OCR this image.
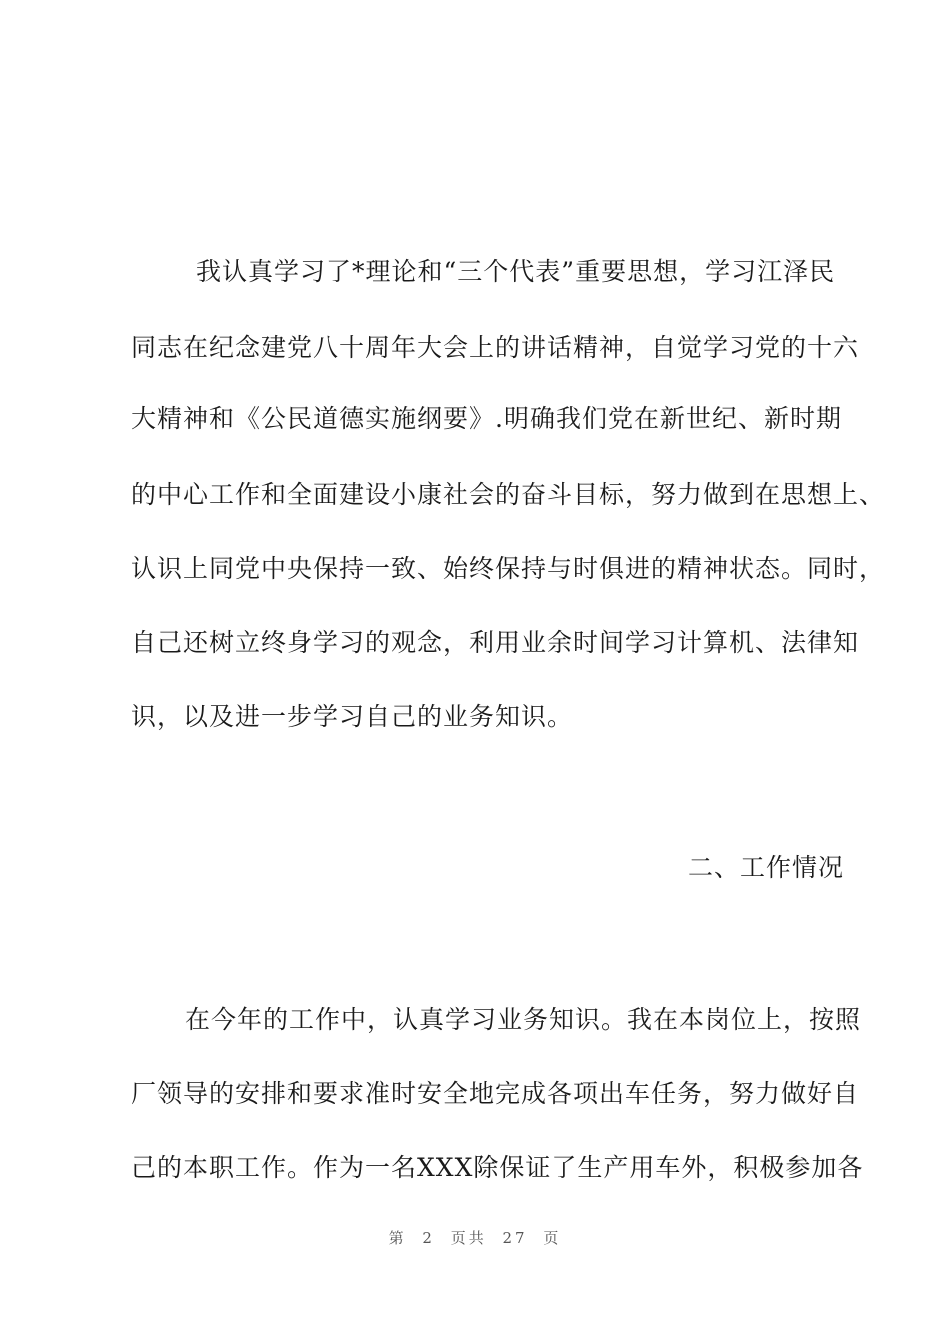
我认真学习了*理论和“三个代表”重要思想，学习江泽民
同志在纪念建党八十周年大会上的讲话精神，自觉学习党的十六
大精神和《公民道德实施纲要》.明确我们党在新世纪、新时期
的中心工作和全面建设小康社会的奋斗目标，努力做到在思想上、
认识上同党中央保持一致、始终保持与时俱进的精神状态。同时，
自己还树立终身学习的观念，利用业余时间学习计算机、法律知
识，以及进一步学习自己的业务知识。
二、工作情况
在今年的工作中，认真学习业务知识。我在本岗位上，按照
厂领导的安排和要求准时安全地完成各项出车任务，努力做好自
己的本职工作。作为一名XXX除保证了生产用车外，积极参加各
第 2 页共 27 页
